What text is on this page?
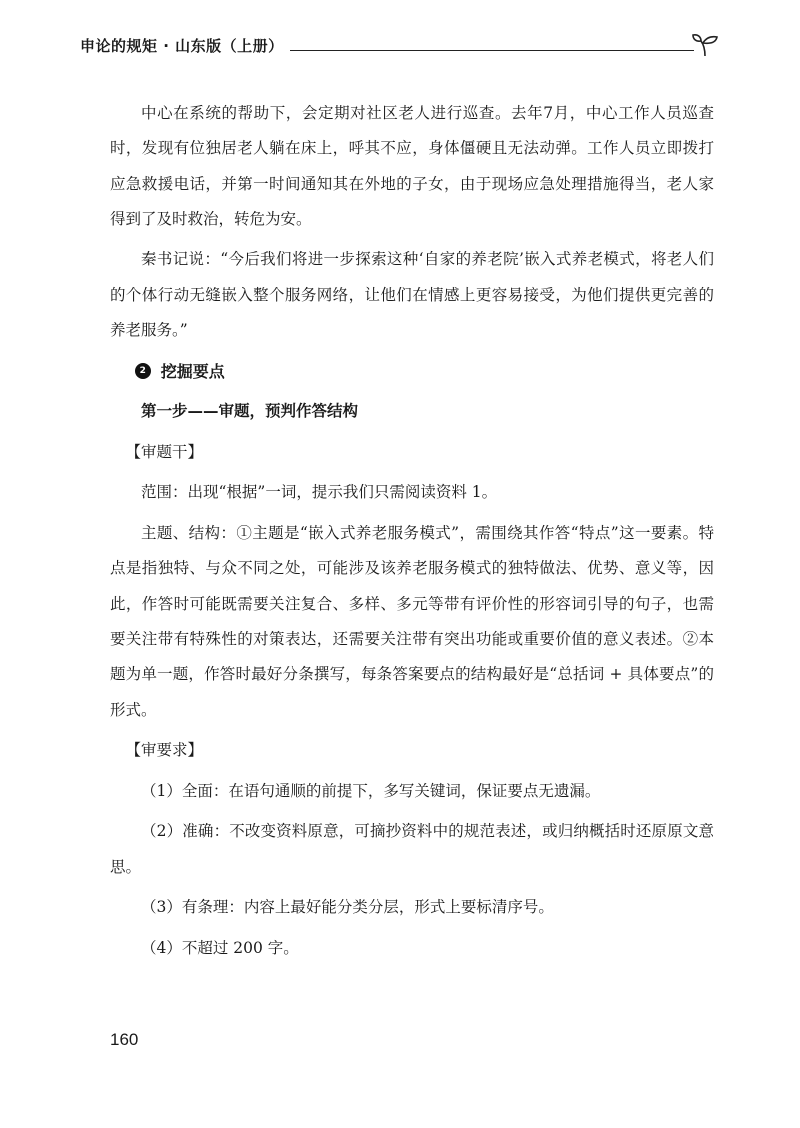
申论的规矩 · 山东版（上册）

中心在系统的帮助下，会定期对社区老人进行巡查。去年7月，中心工作人员巡查时，发现有位独居老人躺在床上，呼其不应，身体僵硬且无法动弹。工作人员立即拨打应急救援电话，并第一时间通知其在外地的子女，由于现场应急处理措施得当，老人家得到了及时救治，转危为安。

秦书记说：“今后我们将进一步探索这种‘自家的养老院’嵌入式养老模式，将老人们的个体行动无缝嵌入整个服务网络，让他们在情感上更容易接受，为他们提供更完善的养老服务。”

2 挖掘要点

第一步——审题，预判作答结构

【审题干】

范围：出现“根据”一词，提示我们只需阅读资料 1。

主题、结构：①主题是“嵌入式养老服务模式”，需围绕其作答“特点”这一要素。特点是指独特、与众不同之处，可能涉及该养老服务模式的独特做法、优势、意义等，因此，作答时可能既需要关注复合、多样、多元等带有评价性的形容词引导的句子，也需要关注带有特殊性的对策表达，还需要关注带有突出功能或重要价值的意义表述。②本题为单一题，作答时最好分条撰写，每条答案要点的结构最好是“总括词 + 具体要点”的形式。

【审要求】

（1）全面：在语句通顺的前提下，多写关键词，保证要点无遗漏。

（2）准确：不改变资料原意，可摘抄资料中的规范表述，或归纳概括时还原原文意思。

（3）有条理：内容上最好能分类分层，形式上要标清序号。

（4）不超过 200 字。

160
